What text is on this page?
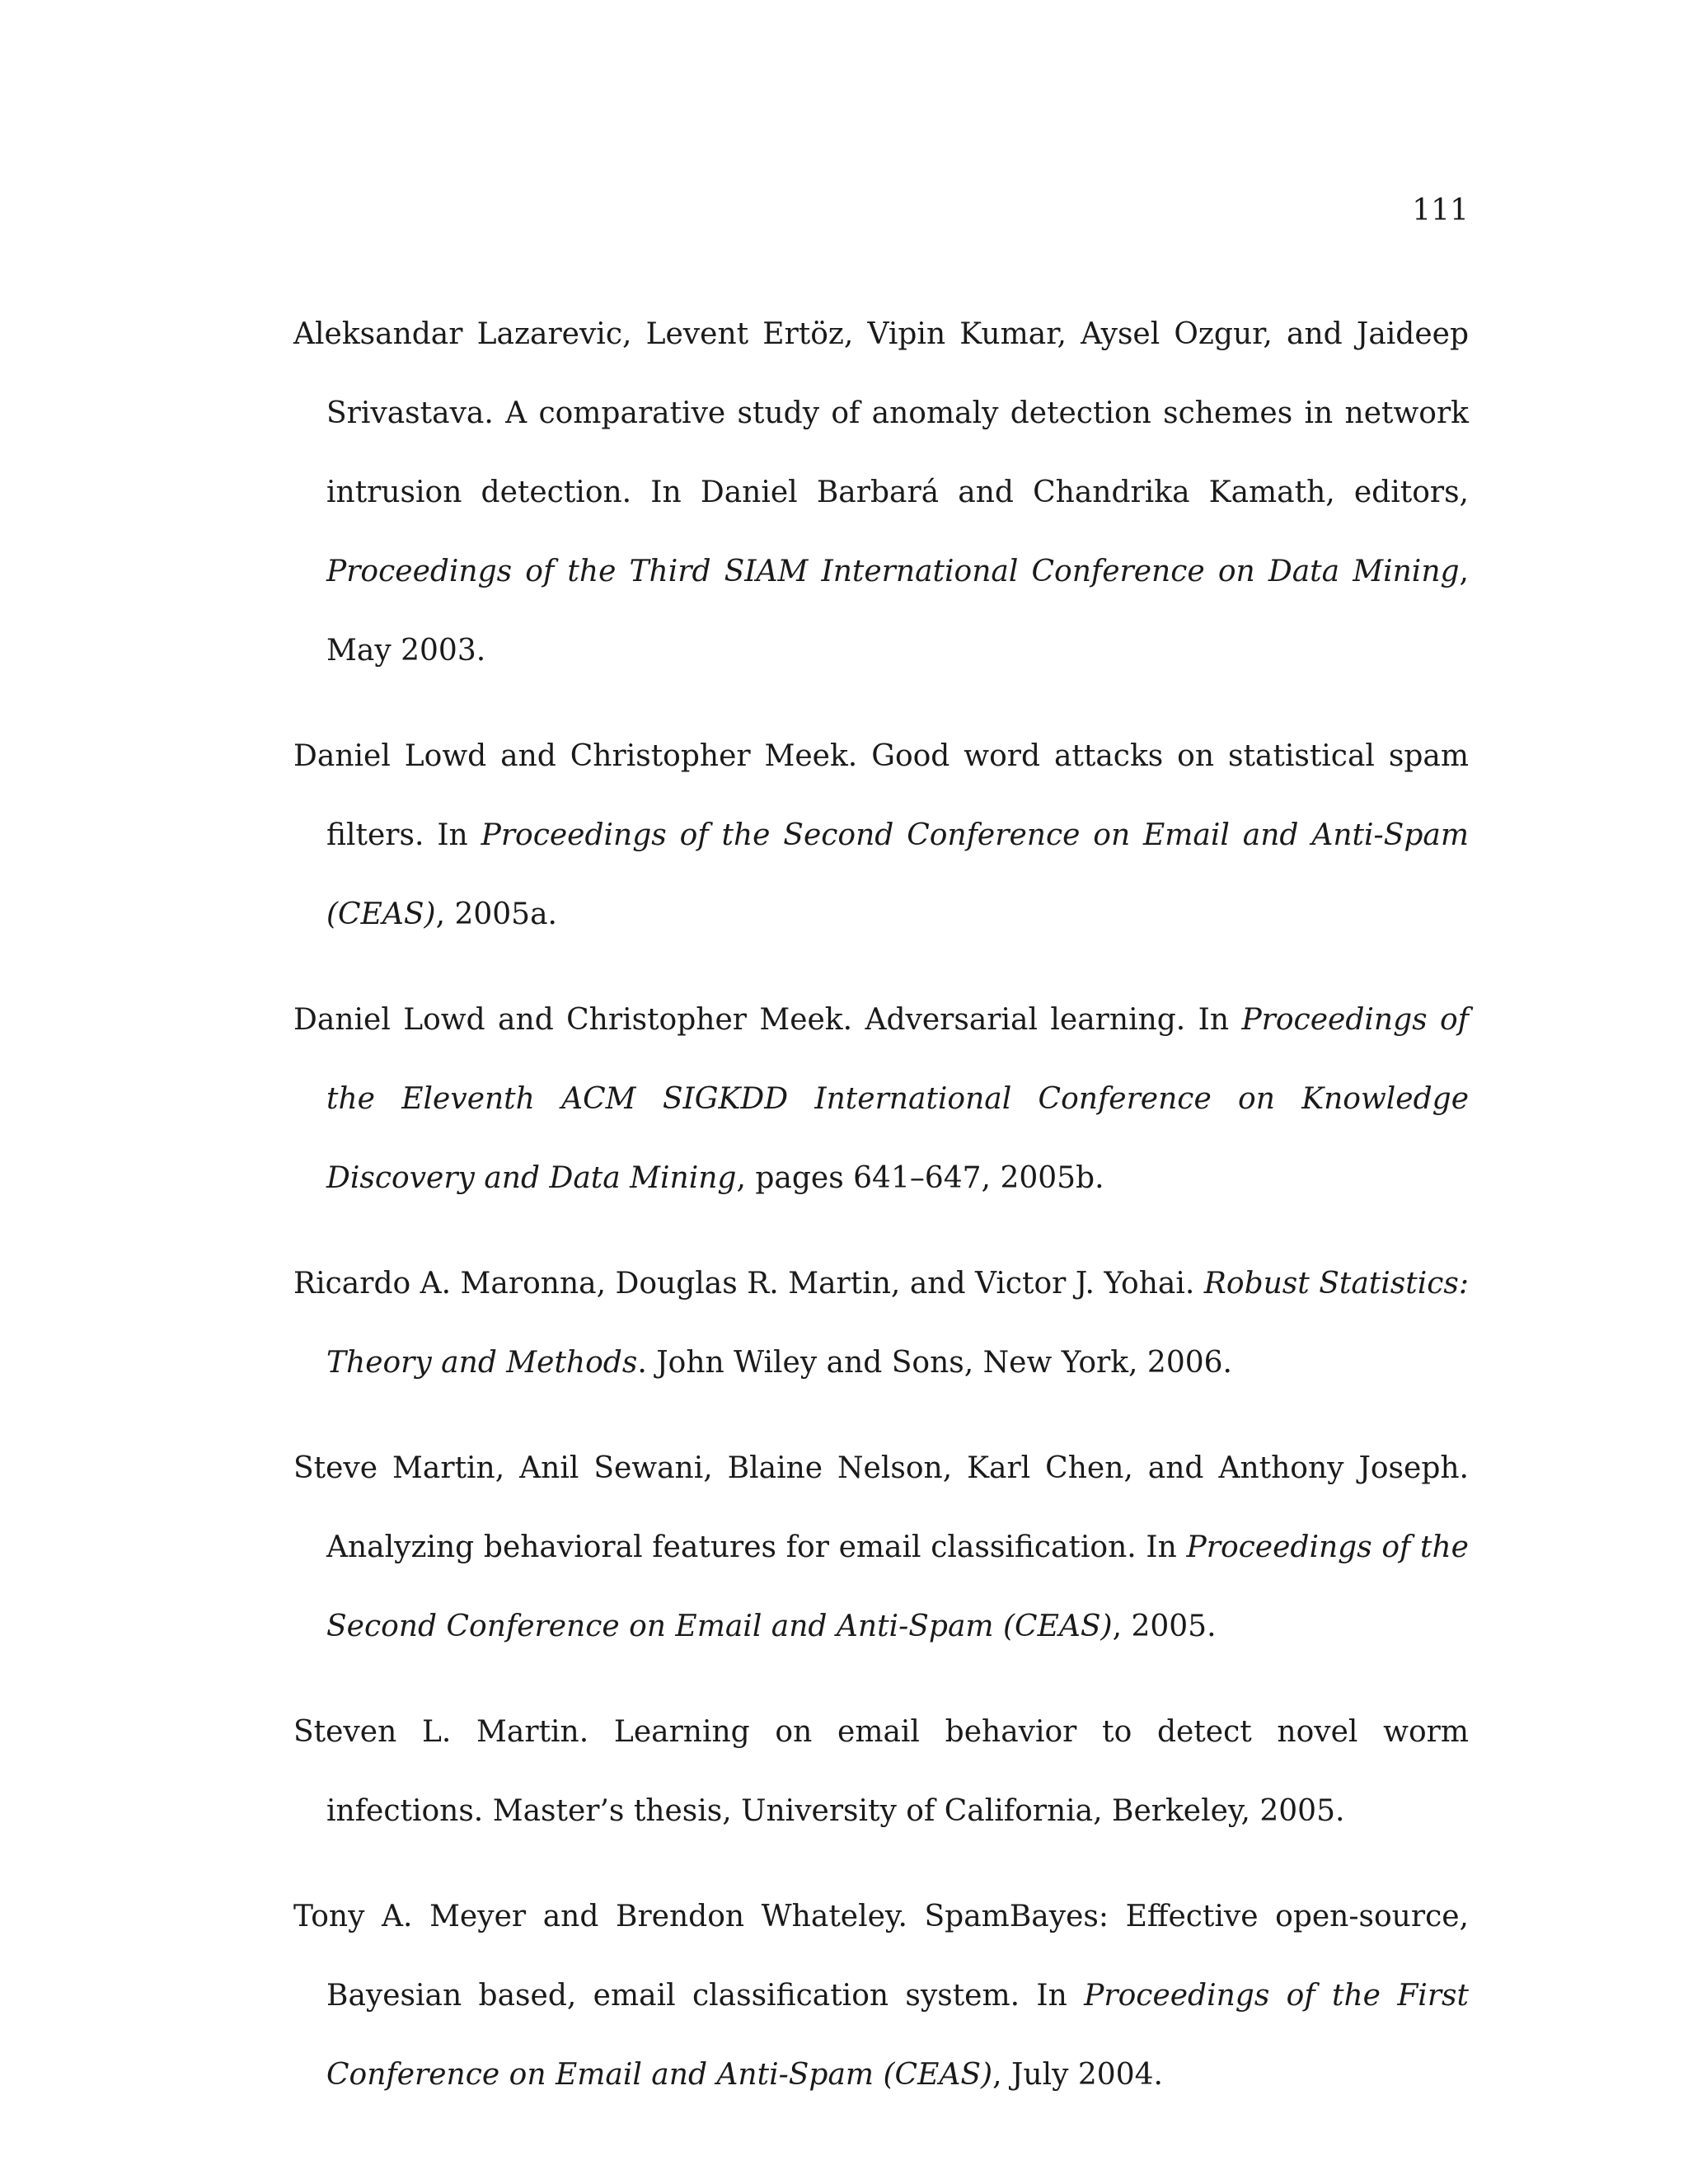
111

Aleksandar Lazarevic, Levent Ertöz, Vipin Kumar, Aysel Ozgur, and Jaideep Srivastava. A comparative study of anomaly detection schemes in network intrusion detection. In Daniel Barbará and Chandrika Kamath, editors, Proceedings of the Third SIAM International Conference on Data Mining, May 2003.

Daniel Lowd and Christopher Meek. Good word attacks on statistical spam filters. In Proceedings of the Second Conference on Email and Anti-Spam (CEAS), 2005a.

Daniel Lowd and Christopher Meek. Adversarial learning. In Proceedings of the Eleventh ACM SIGKDD International Conference on Knowledge Discovery and Data Mining, pages 641–647, 2005b.

Ricardo A. Maronna, Douglas R. Martin, and Victor J. Yohai. Robust Statistics: Theory and Methods. John Wiley and Sons, New York, 2006.

Steve Martin, Anil Sewani, Blaine Nelson, Karl Chen, and Anthony Joseph. Analyzing behavioral features for email classification. In Proceedings of the Second Conference on Email and Anti-Spam (CEAS), 2005.

Steven L. Martin. Learning on email behavior to detect novel worm infections. Master’s thesis, University of California, Berkeley, 2005.

Tony A. Meyer and Brendon Whateley. SpamBayes: Effective open-source, Bayesian based, email classification system. In Proceedings of the First Conference on Email and Anti-Spam (CEAS), July 2004.
